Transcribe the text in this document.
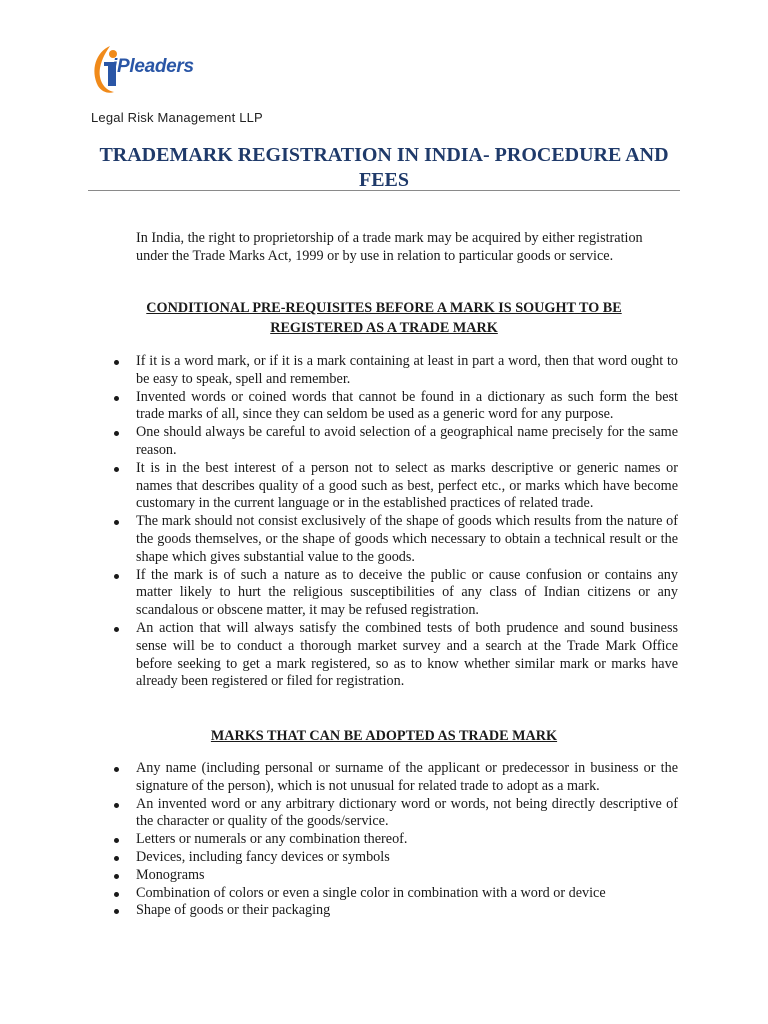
iPleaders
Legal Risk Management LLP
TRADEMARK REGISTRATION IN INDIA- PROCEDURE AND FEES

In India, the right to proprietorship of a trade mark may be acquired by either registration under the Trade Marks Act, 1999 or by use in relation to particular goods or service.

CONDITIONAL PRE-REQUISITES BEFORE A MARK IS SOUGHT TO BE REGISTERED AS A TRADE MARK
If it is a word mark, or if it is a mark containing at least in part a word, then that word ought to be easy to speak, spell and remember.
Invented words or coined words that cannot be found in a dictionary as such form the best trade marks of all, since they can seldom be used as a generic word for any purpose.
One should always be careful to avoid selection of a geographical name precisely for the same reason.
It is in the best interest of a person not to select as marks descriptive or generic names or names that describes quality of a good such as best, perfect etc., or marks which have become customary in the current language or in the established practices of related trade.
The mark should not consist exclusively of the shape of goods which results from the nature of the goods themselves, or the shape of goods which necessary to obtain a technical result or the shape which gives substantial value to the goods.
If the mark is of such a nature as to deceive the public or cause confusion or contains any matter likely to hurt the religious susceptibilities of any class of Indian citizens or any scandalous or obscene matter, it may be refused registration.
An action that will always satisfy the combined tests of both prudence and sound business sense will be to conduct a thorough market survey and a search at the Trade Mark Office before seeking to get a mark registered, so as to know whether similar mark or marks have already been registered or filed for registration.
MARKS THAT CAN BE ADOPTED AS TRADE MARK
Any name (including personal or surname of the applicant or predecessor in business or the signature of the person), which is not unusual for related trade to adopt as a mark.
An invented word or any arbitrary dictionary word or words, not being directly descriptive of the character or quality of the goods/service.
Letters or numerals or any combination thereof.
Devices, including fancy devices or symbols
Monograms
Combination of colors or even a single color in combination with a word or device
Shape of goods or their packaging
